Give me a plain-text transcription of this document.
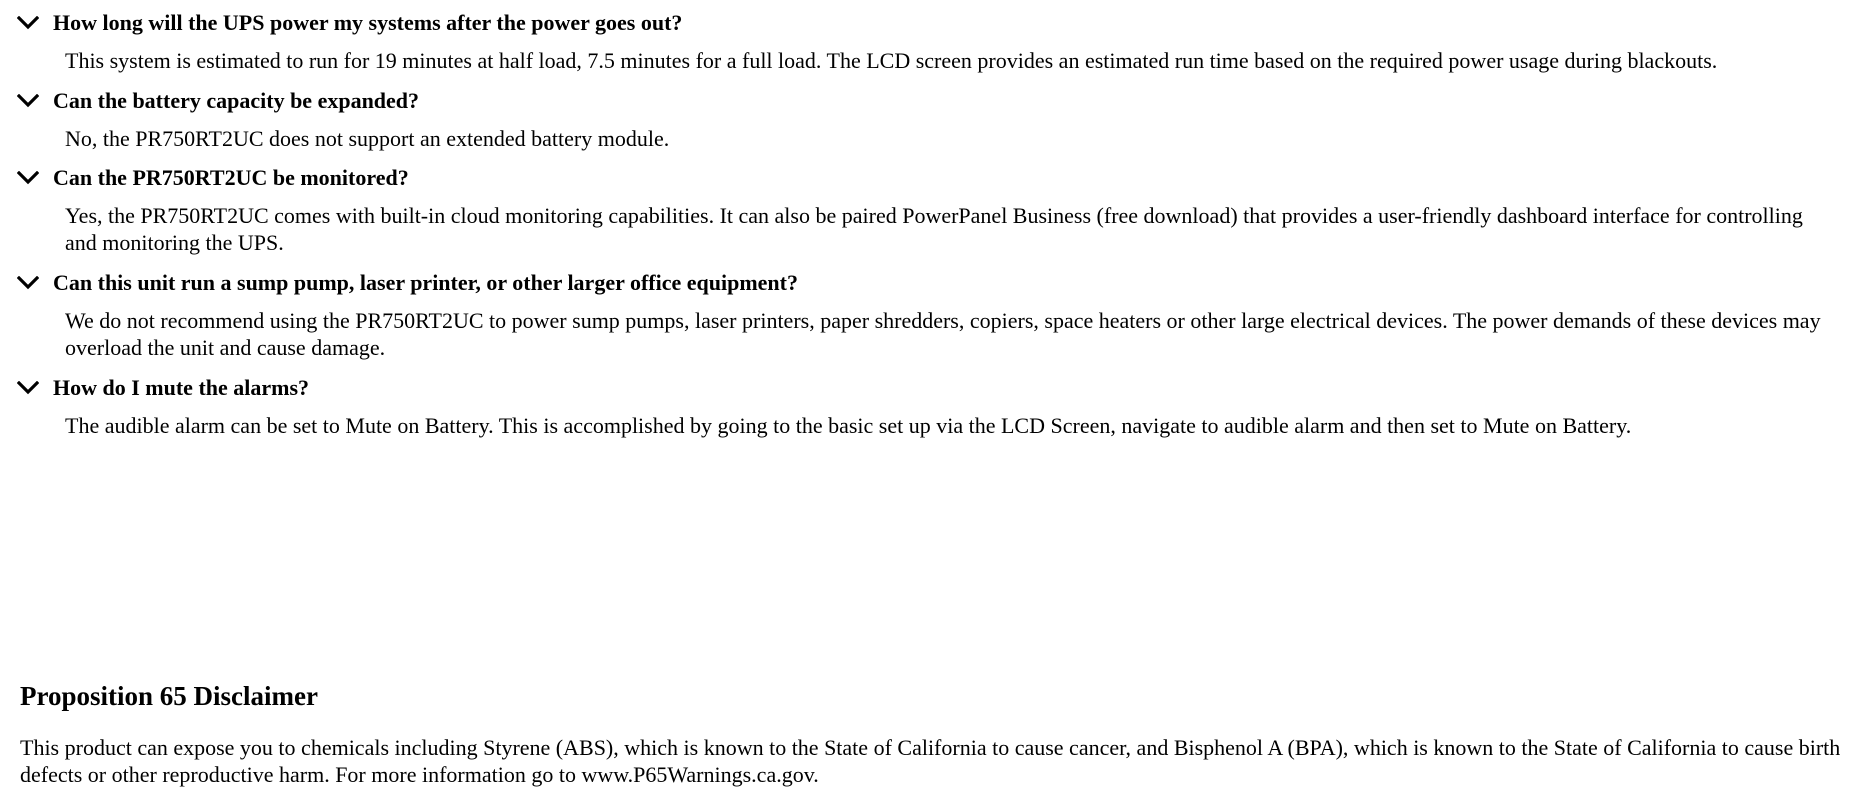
How long will the UPS power my systems after the power goes out?
This system is estimated to run for 19 minutes at half load, 7.5 minutes for a full load. The LCD screen provides an estimated run time based on the required power usage during blackouts.
Can the battery capacity be expanded?
No, the PR750RT2UC does not support an extended battery module.
Can the PR750RT2UC be monitored?
Yes, the PR750RT2UC comes with built-in cloud monitoring capabilities. It can also be paired PowerPanel Business (free download) that provides a user-friendly dashboard interface for controlling and monitoring the UPS.
Can this unit run a sump pump, laser printer, or other larger office equipment?
We do not recommend using the PR750RT2UC to power sump pumps, laser printers, paper shredders, copiers, space heaters or other large electrical devices. The power demands of these devices may overload the unit and cause damage.
How do I mute the alarms?
The audible alarm can be set to Mute on Battery. This is accomplished by going to the basic set up via the LCD Screen, navigate to audible alarm and then set to Mute on Battery.
Proposition 65 Disclaimer

This product can expose you to chemicals including Styrene (ABS), which is known to the State of California to cause cancer, and Bisphenol A (BPA), which is known to the State of California to cause birth defects or other reproductive harm. For more information go to www.P65Warnings.ca.gov.
